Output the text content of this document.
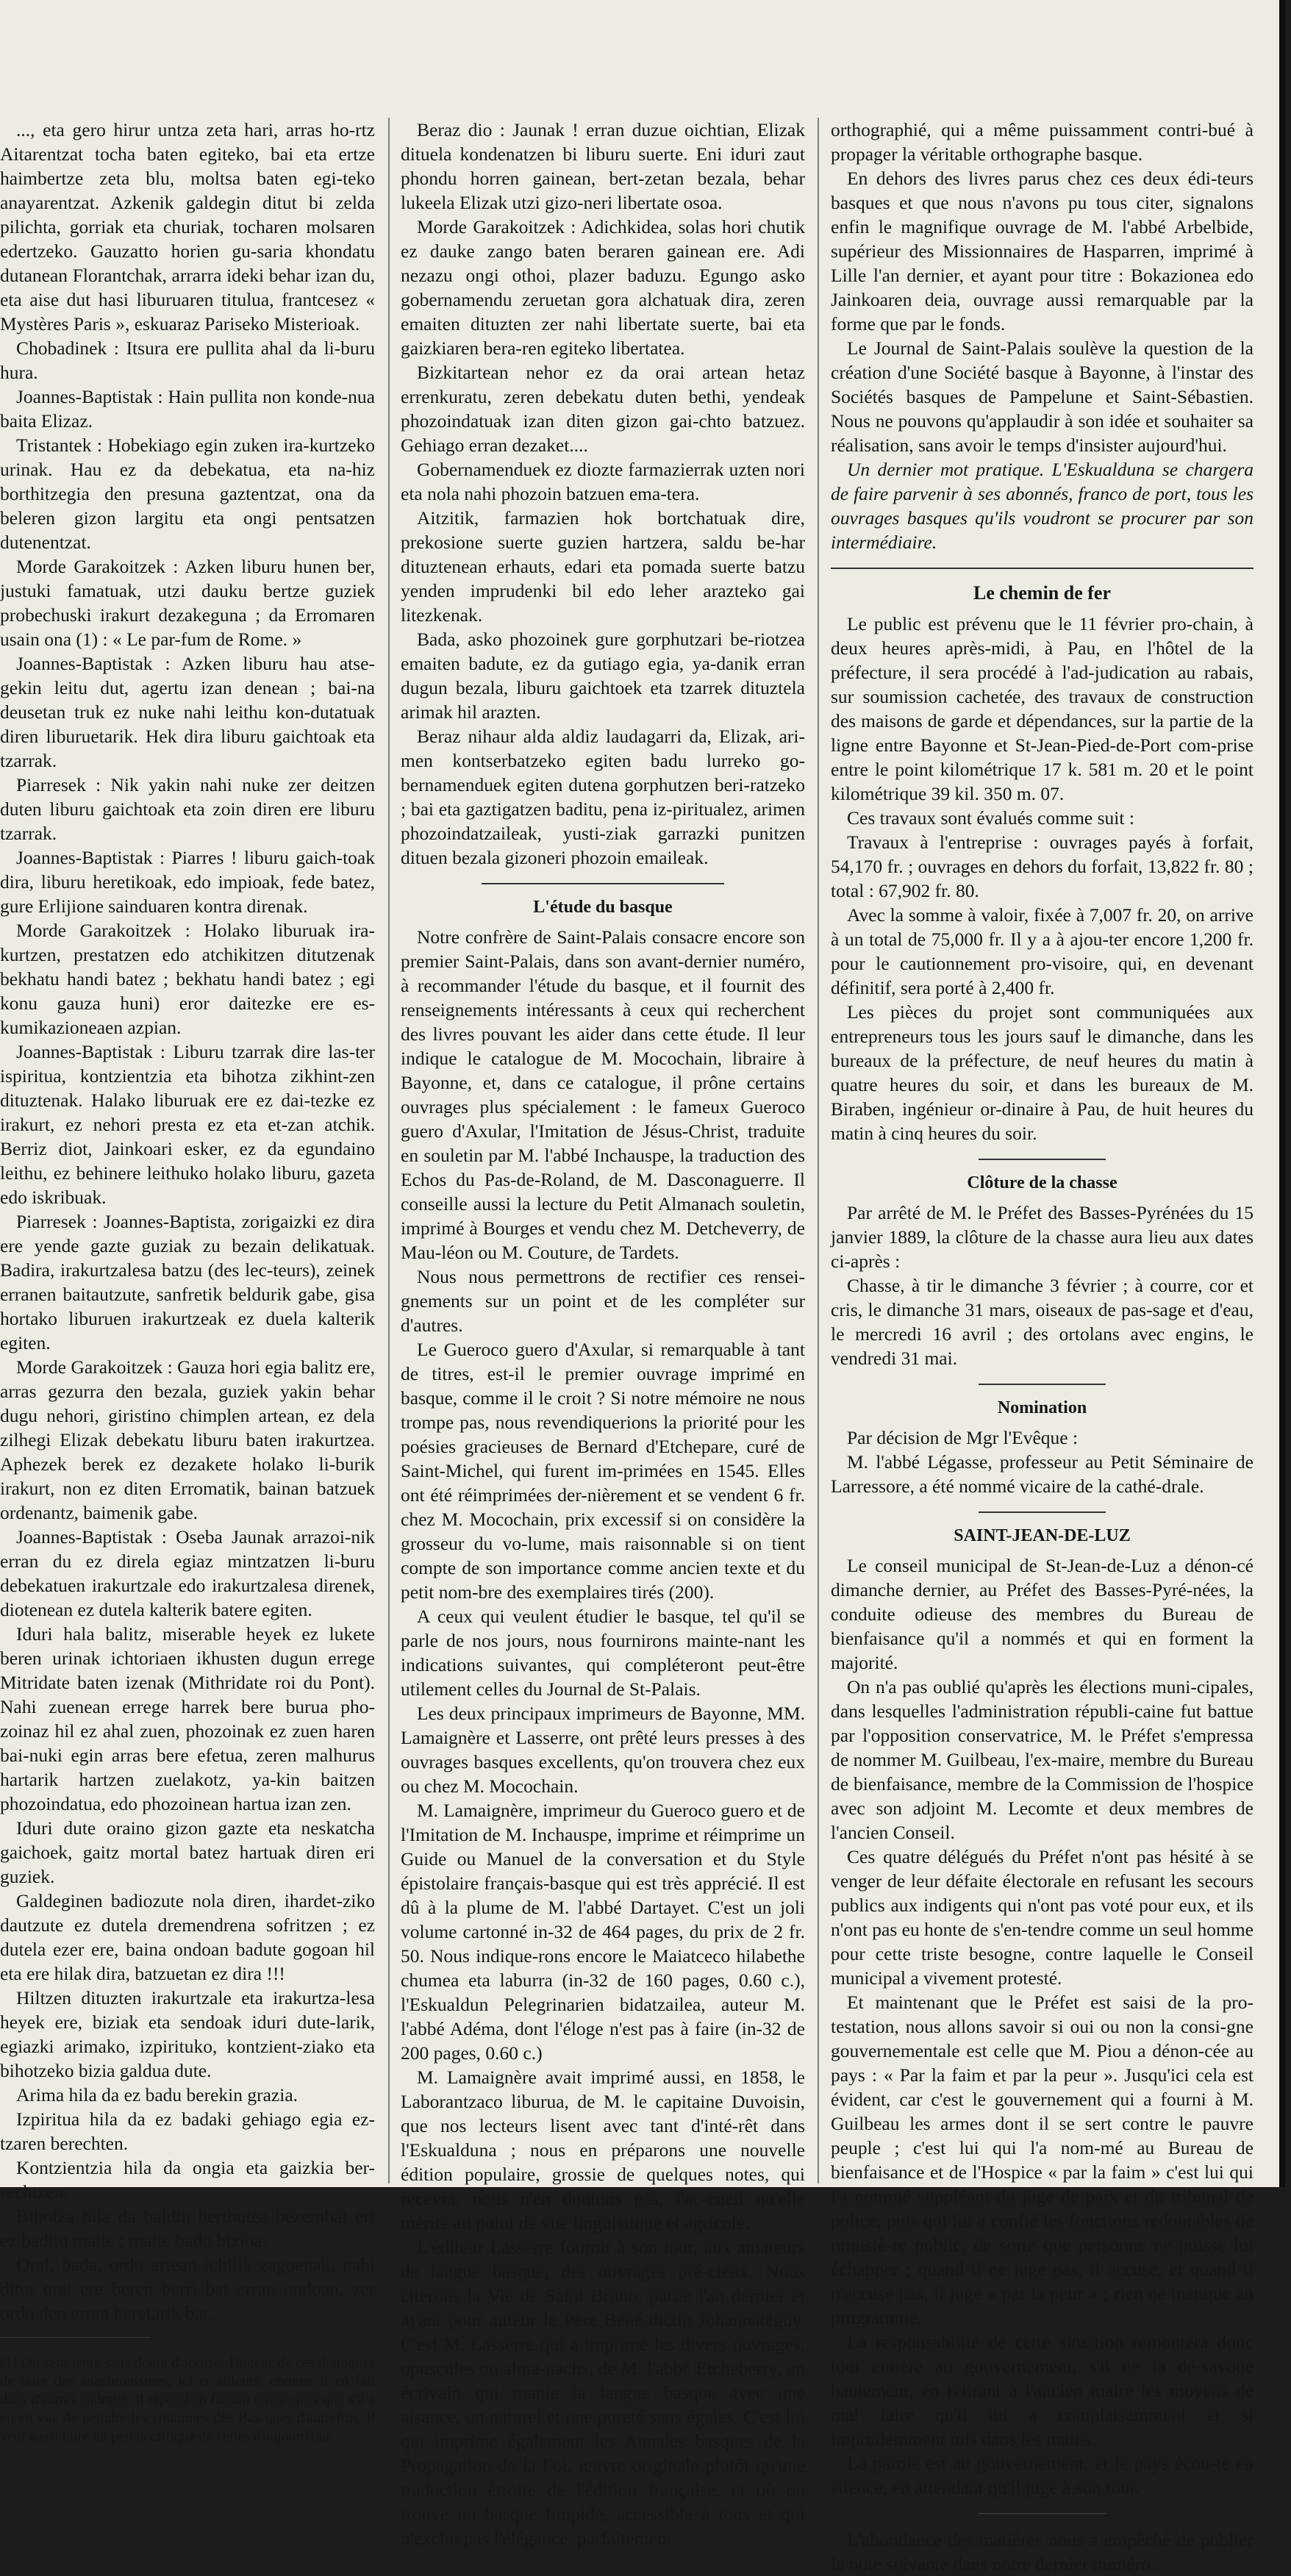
..., eta gero hirur untza zeta hari, arras ho-rtz Aitarentzat tocha baten egiteko, bai eta ertze haimbertze zeta blu, moltsa baten egi-teko anayarentzat. Azkenik galdegin ditut bi zelda pilichta, gorriak eta churiak, tocharen molsaren edertzeko. Gauzatto horien gu-saria khondatu dutanean Florantchak, arrarra ideki behar izan du, eta aise dut hasi liburuaren titulua, frantcesez « Mystères Paris », eskuaraz Pariseko Misterioak.

Chobadinek : Itsura ere pullita ahal da li-buru hura.

Joannes-Baptistak : Hain pullita non konde-nua baita Elizaz.

Tristantek : Hobekiago egin zuken ira-kurtzeko urinak. Hau ez da debekatua, eta na-hiz borthitzegia den presuna gaztentzat, ona da beleren gizon largitu eta ongi pentsatzen dutenentzat.

Morde Garakoitzek : Azken liburu hunen ber, justuki famatuak, utzi dauku bertze guziek probechuski irakurt dezakeguna ; da Erromaren usain ona (1) : « Le par-fum de Rome. »

Joannes-Baptistak : Azken liburu hau atse-gekin leitu dut, agertu izan denean ; bai-na deusetan truk ez nuke nahi leithu kon-dutatuak diren liburuetarik. Hek dira liburu gaichtoak eta tzarrak.

Piarresek : Nik yakin nahi nuke zer deitzen duten liburu gaichtoak eta zoin diren ere liburu tzarrak.

Joannes-Baptistak : Piarres ! liburu gaich-toak dira, liburu heretikoak, edo impioak, fede batez, gure Erlijione sainduaren kontra direnak.

Morde Garakoitzek : Holako liburuak ira-kurtzen, prestatzen edo atchikitzen ditutzenak bekhatu handi batez ; bekhatu handi batez ; egi konu gauza huni) eror daitezke ere es-kumikazioneaen azpian.

Joannes-Baptistak : Liburu tzarrak dire las-ter ispiritua, kontzientzia eta bihotza zikhint-zen dituztenak. Halako liburuak ere ez dai-tezke ez irakurt, ez nehori presta ez eta et-zan atchik. Berriz diot, Jainkoari esker, ez da egundaino leithu, ez behinere leithuko holako liburu, gazeta edo iskribuak.

Piarresek : Joannes-Baptista, zorigaizki ez dira ere yende gazte guziak zu bezain delikatuak. Badira, irakurtzalesa batzu (des lec-teurs), zeinek erranen baitautzute, sanfretik beldurik gabe, gisa hortako liburuen irakurtzeak ez duela kalterik egiten.

Morde Garakoitzek : Gauza hori egia balitz ere, arras gezurra den bezala, guziek yakin behar dugu nehori, giristino chimplen artean, ez dela zilhegi Elizak debekatu liburu baten irakurtzea. Aphezek berek ez dezakete holako li-burik irakurt, non ez diten Erromatik, bainan batzuek ordenantz, baimenik gabe.

Joannes-Baptistak : Oseba Jaunak arrazoi-nik erran du ez direla egiaz mintzatzen li-buru debekatuen irakurtzale edo irakurtzalesa direnek, diotenean ez dutela kalterik batere egiten.

Iduri hala balitz, miserable heyek ez lukete beren urinak ichtoriaen ikhusten dugun errege Mitridate baten izenak (Mithridate roi du Pont). Nahi zuenean errege harrek bere burua pho-zoinaz hil ez ahal zuen, phozoinak ez zuen haren bai-nuki egin arras bere efetua, zeren malhurus hartarik hartzen zuelakotz, ya-kin baitzen phozoindatua, edo phozoinean hartua izan zen.

Iduri dute oraino gizon gazte eta neskatcha gaichoek, gaitz mortal batez hartuak diren eri guziek.

Galdeginen badiozute nola diren, ihardet-ziko dautzute ez dutela dremendrena sofritzen ; ez dutela ezer ere, baina ondoan badute gogoan hil eta ere hilak dira, batzuetan ez dira !!!

Hiltzen dituzten irakurtzale eta irakurtza-lesa heyek ere, biziak eta sendoak iduri dute-larik, egiazki arimako, izpirituko, kontzient-ziako eta bihotzeko bizia galdua dute.

Arima hila da ez badu berekin grazia.

Izpiritua hila da ez badaki gehiago egia ez-tzaren berechten.

Kontzientzia hila da ongia eta gaizkia ber-rechtzen.

Bihotza hila da baldin berthutea bezembat eri ez baditu maite ; maite badu bizioa.

Orai, bada, ordu artean ichilik zagoenak, nahi ditut orai ere beren berri bat erran ondoan, zer ordu den erran beretarik bat.

(1) On sera tenté sans doute d'accuser l'auteur de ces dialogues de faire des anachronismes, ici et ailleurs, comme il en fait dans d'autres endroits. Il répond en faisant remar-quer que s'il a eu en vue de peindre les coutumes des Bas-ques d'autrefois, il veut aussi faire un peu la critique de celles d'aujourd'hui.

Beraz dio : Jaunak ! erran duzue oichtian, Elizak dituela kondenatzen bi liburu suerte. Eni iduri zaut phondu horren gainean, bert-zetan bezala, behar lukeela Elizak utzi gizo-neri libertate osoa.

Morde Garakoitzek : Adichkidea, solas hori chutik ez dauke zango baten beraren gainean ere. Adi nezazu ongi othoi, plazer baduzu. Egungo asko gobernamendu zeruetan gora alchatuak dira, zeren emaiten dituzten zer nahi libertate suerte, bai eta gaizkiaren bera-ren egiteko libertatea.

Bizkitartean nehor ez da orai artean hetaz errenkuratu, zeren debekatu duten bethi, yendeak phozoindatuak izan diten gizon gai-chto batzuez. Gehiago erran dezaket....

Gobernamenduek ez diozte farmazierrak uzten nori eta nola nahi phozoin batzuen ema-tera.

Aitzitik, farmazien hok bortchatuak dire, prekosione suerte guzien hartzera, saldu be-har dituztenean erhauts, edari eta pomada suerte batzu yenden imprudenki bil edo leher arazteko gai litezkenak.

Bada, asko phozoinek gure gorphutzari be-riotzea emaiten badute, ez da gutiago egia, ya-danik erran dugun bezala, liburu gaichtoek eta tzarrek dituztela arimak hil arazten.

Beraz nihaur alda aldiz laudagarri da, Elizak, ari-men kontserbatzeko egiten badu lurreko go-bernamenduek egiten dutena gorphutzen beri-ratzeko ; bai eta gaztigatzen baditu, pena iz-piritualez, arimen phozoindatzaileak, yusti-ziak garrazki punitzen dituen bezala gizoneri phozoin emaileak.

L'étude du basque

Notre confrère de Saint-Palais consacre encore son premier Saint-Palais, dans son avant-dernier numéro, à recommander l'étude du basque, et il fournit des renseignements intéressants à ceux qui recherchent des livres pouvant les aider dans cette étude. Il leur indique le catalogue de M. Mocochain, libraire à Bayonne, et, dans ce catalogue, il prône certains ouvrages plus spécialement : le fameux Gueroco guero d'Axular, l'Imitation de Jésus-Christ, traduite en souletin par M. l'abbé Inchauspe, la traduction des Echos du Pas-de-Roland, de M. Dasconaguerre. Il conseille aussi la lecture du Petit Almanach souletin, imprimé à Bourges et vendu chez M. Detcheverry, de Mau-léon ou M. Couture, de Tardets.

Nous nous permettrons de rectifier ces rensei-gnements sur un point et de les compléter sur d'autres.

Le Gueroco guero d'Axular, si remarquable à tant de titres, est-il le premier ouvrage imprimé en basque, comme il le croit ? Si notre mémoire ne nous trompe pas, nous revendiquerions la priorité pour les poésies gracieuses de Bernard d'Etchepare, curé de Saint-Michel, qui furent im-primées en 1545. Elles ont été réimprimées der-nièrement et se vendent 6 fr. chez M. Mocochain, prix excessif si on considère la grosseur du vo-lume, mais raisonnable si on tient compte de son importance comme ancien texte et du petit nom-bre des exemplaires tirés (200).

A ceux qui veulent étudier le basque, tel qu'il se parle de nos jours, nous fournirons mainte-nant les indications suivantes, qui compléteront peut-être utilement celles du Journal de St-Palais.

Les deux principaux imprimeurs de Bayonne, MM. Lamaignère et Lasserre, ont prêté leurs presses à des ouvrages basques excellents, qu'on trouvera chez eux ou chez M. Mocochain.

M. Lamaignère, imprimeur du Gueroco guero et de l'Imitation de M. Inchauspe, imprime et réimprime un Guide ou Manuel de la conversation et du Style épistolaire français-basque qui est très apprécié. Il est dû à la plume de M. l'abbé Dartayet. C'est un joli volume cartonné in-32 de 464 pages, du prix de 2 fr. 50. Nous indique-rons encore le Maiatceco hilabethe chumea eta laburra (in-32 de 160 pages, 0.60 c.), l'Eskualdun Pelegrinarien bidatzailea, auteur M. l'abbé Adéma, dont l'éloge n'est pas à faire (in-32 de 200 pages, 0.60 c.)

M. Lamaignère avait imprimé aussi, en 1858, le Laborantzaco liburua, de M. le capitaine Duvoisin, que nos lecteurs lisent avec tant d'inté-rêt dans l'Eskualduna ; nous en préparons une nouvelle édition populaire, grossie de quelques notes, qui recevra, nous n'en doutons pas, l'ac-cueil qu'elle mérite au point de vue linguistique et agricole.

L'éditeur Lasserre fournit à son tour, aux amateurs de langue basque, des ouvrages pré-cieux. Nous citerons la Vie de Saint Bruno, parue l'an dernier et ayant pour auteur le Père Béné-dictin Johannatéguy. C'est M. Lasserre qui a imprimé les divers ouvrages, opuscules ou alma-nachs, de M. l'abbé Etcheberry, un écrivain qui manie la langue basque avec une aisance, un naturel et une pureté sans égales. C'est lui qui imprime également les Annales basques de la Propagation de la Foi, œuvre originale plutôt qu'une traduction étroite de l'édition française, et où on trouve un basque limpide, accessible à tous et qui n'exclut pas l'élégance, parfaitement

orthographié, qui a même puissamment contri-bué à propager la véritable orthographe basque.

En dehors des livres parus chez ces deux édi-teurs basques et que nous n'avons pu tous citer, signalons enfin le magnifique ouvrage de M. l'abbé Arbelbide, supérieur des Missionnaires de Hasparren, imprimé à Lille l'an dernier, et ayant pour titre : Bokazionea edo Jainkoaren deia, ouvrage aussi remarquable par la forme que par le fonds.

Le Journal de Saint-Palais soulève la question de la création d'une Société basque à Bayonne, à l'instar des Sociétés basques de Pampelune et Saint-Sébastien. Nous ne pouvons qu'applaudir à son idée et souhaiter sa réalisation, sans avoir le temps d'insister aujourd'hui.

Un dernier mot pratique. L'Eskualduna se chargera de faire parvenir à ses abonnés, franco de port, tous les ouvrages basques qu'ils voudront se procurer par son intermédiaire.

Le chemin de fer

Le public est prévenu que le 11 février pro-chain, à deux heures après-midi, à Pau, en l'hôtel de la préfecture, il sera procédé à l'ad-judication au rabais, sur soumission cachetée, des travaux de construction des maisons de garde et dépendances, sur la partie de la ligne entre Bayonne et St-Jean-Pied-de-Port com-prise entre le point kilométrique 17 k. 581 m. 20 et le point kilométrique 39 kil. 350 m. 07.

Ces travaux sont évalués comme suit :

Travaux à l'entreprise : ouvrages payés à forfait, 54,170 fr. ; ouvrages en dehors du forfait, 13,822 fr. 80 ; total : 67,902 fr. 80.

Avec la somme à valoir, fixée à 7,007 fr. 20, on arrive à un total de 75,000 fr. Il y a à ajou-ter encore 1,200 fr. pour le cautionnement pro-visoire, qui, en devenant définitif, sera porté à 2,400 fr.

Les pièces du projet sont communiquées aux entrepreneurs tous les jours sauf le dimanche, dans les bureaux de la préfecture, de neuf heures du matin à quatre heures du soir, et dans les bureaux de M. Biraben, ingénieur or-dinaire à Pau, de huit heures du matin à cinq heures du soir.

Clôture de la chasse

Par arrêté de M. le Préfet des Basses-Pyrénées du 15 janvier 1889, la clôture de la chasse aura lieu aux dates ci-après :

Chasse, à tir le dimanche 3 février ; à courre, cor et cris, le dimanche 31 mars, oiseaux de pas-sage et d'eau, le mercredi 16 avril ; des ortolans avec engins, le vendredi 31 mai.

Nomination

Par décision de Mgr l'Evêque :

M. l'abbé Légasse, professeur au Petit Séminaire de Larressore, a été nommé vicaire de la cathé-drale.

SAINT-JEAN-DE-LUZ

Le conseil municipal de St-Jean-de-Luz a dénon-cé dimanche dernier, au Préfet des Basses-Pyré-nées, la conduite odieuse des membres du Bureau de bienfaisance qu'il a nommés et qui en forment la majorité.

On n'a pas oublié qu'après les élections muni-cipales, dans lesquelles l'administration républi-caine fut battue par l'opposition conservatrice, M. le Préfet s'empressa de nommer M. Guilbeau, l'ex-maire, membre du Bureau de bienfaisance, membre de la Commission de l'hospice avec son adjoint M. Lecomte et deux membres de l'ancien Conseil.

Ces quatre délégués du Préfet n'ont pas hésité à se venger de leur défaite électorale en refusant les secours publics aux indigents qui n'ont pas voté pour eux, et ils n'ont pas eu honte de s'en-tendre comme un seul homme pour cette triste besogne, contre laquelle le Conseil municipal a vivement protesté.

Et maintenant que le Préfet est saisi de la pro-testation, nous allons savoir si oui ou non la consi-gne gouvernementale est celle que M. Piou a dénon-cée au pays : « Par la faim et par la peur ». Jusqu'ici cela est évident, car c'est le gouvernement qui a fourni à M. Guilbeau les armes dont il se sert contre le pauvre peuple ; c'est lui qui l'a nom-mé au Bureau de bienfaisance et de l'Hospice « par la faim » c'est lui qui l'a nommé suppléant du juge de paix et du tribunal de police, puis qui lui a confié les fonctions redoutables de ministè-re public, de sorte que personne ne puisse lui échapper ; quand il ne juge pas, il accuse, et quand il n'accuse pas, il juge « par la peur » ; rien ne manque au programme.

La responsabilité de cette situation remontera donc tout entière au gouvernement, s'il ne la dé-savoue hautement, en retirant à l'ancien maire les moyens de mal faire qu'il lui a complaisamment et si imprudemment mis dans les mains.

La parole est au gouvernement, et le pays écou-te en silence, en attendant qu'il juge à son tour.

L'abondance des matières nous a empêché de publier la note suivante dans notre dernier numéro :
